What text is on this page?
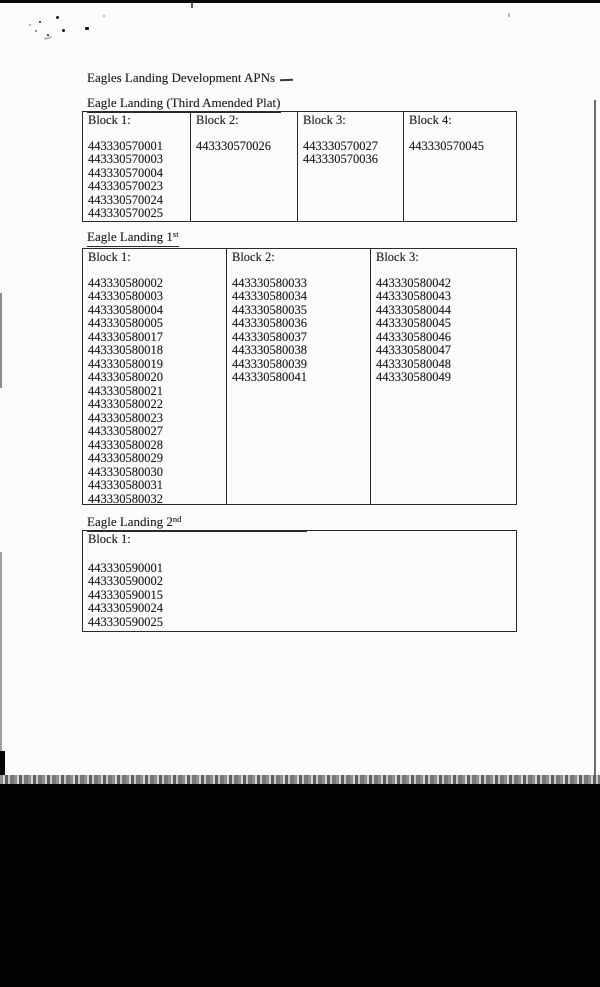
Eagles Landing Development APNs
Eagle Landing (Third Amended Plat)
Block 1:
443330570001
443330570003
443330570004
443330570023
443330570024
443330570025
Block 2:
443330570026
Block 3:
443330570027
443330570036
Block 4:
443330570045
Eagle Landing 1st
Block 1:
443330580002
443330580003
443330580004
443330580005
443330580017
443330580018
443330580019
443330580020
443330580021
443330580022
443330580023
443330580027
443330580028
443330580029
443330580030
443330580031
443330580032
Block 2:
443330580033
443330580034
443330580035
443330580036
443330580037
443330580038
443330580039
443330580041
Block 3:
443330580042
443330580043
443330580044
443330580045
443330580046
443330580047
443330580048
443330580049
Eagle Landing 2nd
Block 1:
443330590001
443330590002
443330590015
443330590024
443330590025
